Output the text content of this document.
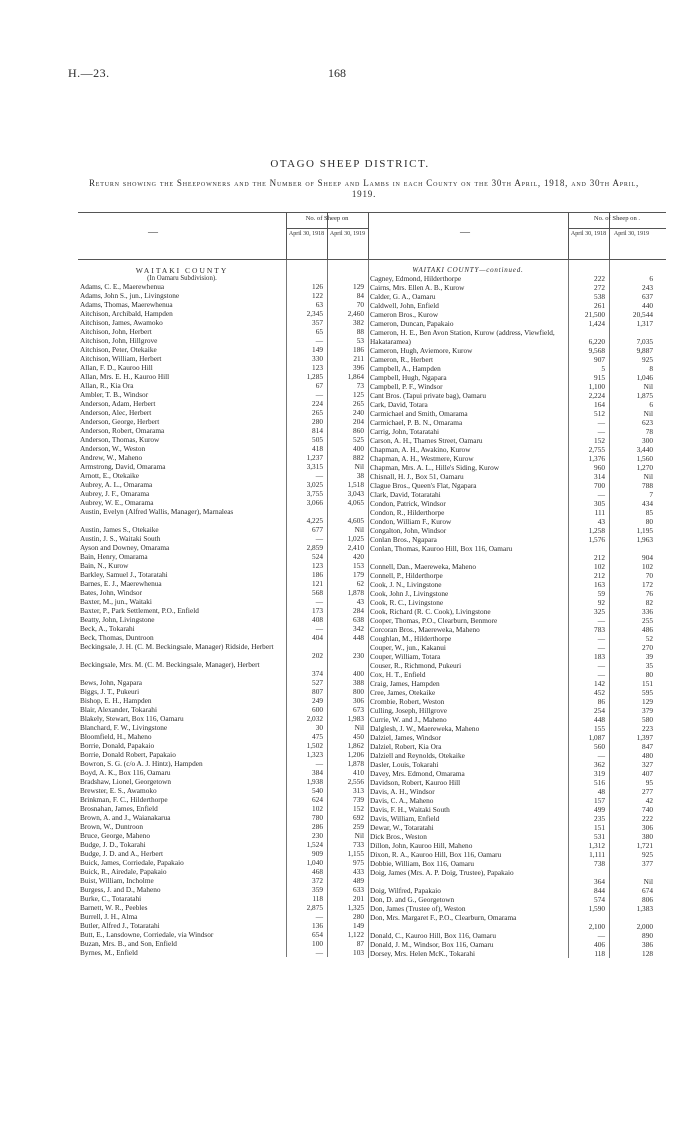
H.—23.	168
OTAGO SHEEP DISTRICT.
Return showing the Sheepowners and the Number of Sheep and Lambs in each County on the 30th April, 1918, and 30th April, 1919.
—
No. of Sheep on
April 30, 1918 April 30, 1919
WAITAKI COUNTY
(In Oamaru Subdivision).
Adams, C. E., Maerewhenua	126	129
Adams, John S., jun., Livingstone	122	84
Adams, Thomas, Maerewhenua	63	70
Aitchison, Archibald, Hampden	2,345	2,460
Aitchison, James, Awamoko	357	382
Aitchison, John, Herbert	65	88
Aitchison, John, Hillgrove	—	53
Aitchison, Peter, Otekaike	149	186
Aitchison, William, Herbert	330	211
Allan, F. D., Kauroo Hill	123	396
Allan, Mrs. E. H., Kauroo Hill	1,285	1,864
Allan, R., Kia Ora	67	73
Ambler, T. B., Windsor	—	125
Anderson, Adam, Herbert	224	265
Anderson, Alec, Herbert	265	240
Anderson, George, Herbert	280	204
Anderson, Robert, Omarama	814	860
Anderson, Thomas, Kurow	505	525
Anderson, W., Weston	418	400
Andrew, W., Maheno	1,237	882
Armstrong, David, Omarama	3,315	Nil
Arnott, E., Otekaike	—	38
Aubrey, A. L., Omarama	3,025	1,518
Aubrey, J. F., Omarama	3,755	3,043
Aubrey, W. E., Omarama	3,066	4,065
Austin, Evelyn (Alfred Wallis, Manager), Marnaleas
4,225	4,605
Austin, James S., Otekaike	677	Nil
Austin, J. S., Waitaki South	—	1,025
Ayson and Downey, Omarama	2,859	2,410
Bain, Henry, Omarama	524	420
Bain, N., Kurow	123	153
Barkley, Samuel J., Totaratahi	186	179
Barnes, E. J., Maerewhenua	121	62
Bates, John, Windsor	568	1,878
Baxter, M., jun., Waitaki	—	43
Baxter, P., Park Settlement, P.O., Enfield	173	284
Beatty, John, Livingstone	408	638
Beck, A., Tokarahi	—	342
Beck, Thomas, Duntroon	404	448
Beckingsale, J. H. (C. M. Beckingsale, Manager) Ridside, Herbert
202	230
Beckingsale, Mrs. M. (C. M. Beckingsale, Manager), Herbert
374	400
Bews, John, Ngapara	527	388
Biggs, J. T., Pukeuri	807	800
Bishop, E. H., Hampden	249	306
Blair, Alexander, Tokarahi	600	673
Blakely, Stewart, Box 116, Oamaru	2,032	1,983
Blanchard, F. W., Livingstone	30	Nil
Bloomfield, H., Maheno	475	450
Borrie, Donald, Papakaio	1,502	1,862
Borrie, Donald Robert, Papakaio	1,323	1,206
Bowron, S. G. (c/o A. J. Hintz), Hampden	—	1,878
Boyd, A. K., Box 116, Oamaru	384	410
Bradshaw, Lionel, Georgetown	1,938	2,556
Brewster, E. S., Awamoko	540	313
Brinkman, F. C., Hilderthorpe	624	739
Brosnahan, James, Enfield	102	152
Brown, A. and J., Waianakarua	780	692
Brown, W., Duntroon	286	259
Bruce, George, Maheno	230	Nil
Budge, J. D., Tokarahi	1,524	733
Budge, J. D. and A., Herbert	909	1,155
Buick, James, Corriedale, Papakaio	1,040	975
Buick, R., Airedale, Papakaio	468	433
Buist, William, Incholme	372	489
Burgess, J. and D., Maheno	359	633
Burke, C., Totaratahi	118	201
Barnett, W. R., Peebles	2,875	1,325
Burrell, J. H., Alma	—	280
Butler, Alfred J., Totaratahi	136	149
Butt, E., Lansdowne, Corriedale, via Windsor	654	1,122
Buzan, Mrs. B., and Son, Enfield	100	87
Byrnes, M., Enfield	—	103
—
No. of Sheep on .
April 30, 1918	April 30, 1919
WAITAKI COUNTY—continued.
Cagney, Edmond, Hilderthorpe	222	6
Cairns, Mrs. Ellen A. B., Kurow	272	243
Calder, G. A., Oamaru	538	637
Caldwell, John, Enfield	261	440
Cameron Bros., Kurow	21,500	20,544
Cameron, Duncan, Papakaio	1,424	1,317
Cameron, H. E., Ben Avon Station, Kurow (address, Viewfield, Hakataramea)	6,220	7,035
Cameron, Hugh, Aviemore, Kurow	9,568	9,887
Cameron, R., Herbert	907	925
Campbell, A., Hampden	5	8
Campbell, Hugh, Ngapara	915	1,046
Campbell, P. F., Windsor	1,100	Nil
Cant Bros. (Tapui private bag), Oamaru	2,224	1,875
Cark, David, Totara	164	6
Carmichael and Smith, Omarama	512	Nil
Carmichael, P. B. N., Omarama	—	623
Carrig, John, Totaratahi	—	78
Carson, A. H., Thames Street, Oamaru	152	300
Chapman, A. H., Awakino, Kurow	2,755	3,440
Chapman, A. H., Westmere, Kurow	1,376	1,560
Chapman, Mrs. A. L., Hille's Siding, Kurow	960	1,270
Chisnall, H. J., Box 51, Oamaru	314	Nil
Clague Bros., Queen's Flat, Ngapara	700	788
Clark, David, Totaratahi	—	7
Condon, Patrick, Windsor	305	434
Condon, R., Hilderthorpe	111	85
Condon, William F., Kurow	43	80
Congalton, John, Windsor	1,258	1,195
Conlan Bros., Ngapara	1,576	1,963
Conlan, Thomas, Kauroo Hill, Box 116, Oamaru
212	904
Connell, Dan., Maereweka, Maheno	102	102
Connell, P., Hilderthorpe	212	70
Cook, J. N., Livingstone	163	172
Cook, John J., Livingstone	59	76
Cook, R. C., Livingstone	92	82
Cook, Richard (R. C. Cook), Livingstone	325	336
Cooper, Thomas, P.O., Clearburn, Benmore	—	255
Corcoran Bros., Maereweka, Maheno	783	486
Coughlan, M., Hilderthorpe	—	52
Couper, W., jun., Kakanui	—	270
Couper, William, Totara	183	39
Couser, R., Richmond, Pukeuri	—	35
Cox, H. T., Enfield	—	80
Craig, James, Hampden	142	151
Cree, James, Otekaike	452	595
Crombie, Robert, Weston	86	129
Culling, Joseph, Hillgrove	254	379
Currie, W. and J., Maheno	448	580
Dalglesh, J. W., Maereweka, Maheno	155	223
Dalziel, James, Windsor	1,087	1,397
Dalziel, Robert, Kia Ora	560	847
Dalziell and Reynolds, Otekaike	—	480
Dasler, Louis, Tokarahi	362	327
Davey, Mrs. Edmond, Omarama	319	407
Davidson, Robert, Kauroo Hill	516	95
Davis, A. H., Windsor	48	277
Davis, C. A., Maheno	157	42
Davis, F. H., Waitaki South	499	740
Davis, William, Enfield	235	222
Dewar, W., Totaratahi	151	306
Dick Bros., Weston	531	380
Dillon, John, Kauroo Hill, Maheno	1,312	1,721
Dixon, R. A., Kauroo Hill, Box 116, Oamaru	1,111	925
Dobbie, William, Box 116, Oamaru	738	377
Doig, James (Mrs. A. P. Doig, Trustee), Papakaio
364	Nil
Doig, Wilfred, Papakaio	844	674
Don, D. and G., Georgetown	574	806
Don, James (Trustee of), Weston	1,590	1,383
Don, Mrs. Margaret F., P.O., Clearburn, Omarama
2,100	2,000
Donald, C., Kauroo Hill, Box 116, Oamaru	—	890
Donald, J. M., Windsor, Box 116, Oamaru	406	386
Dorsey, Mrs. Helen McK., Tokarahi	118	128
